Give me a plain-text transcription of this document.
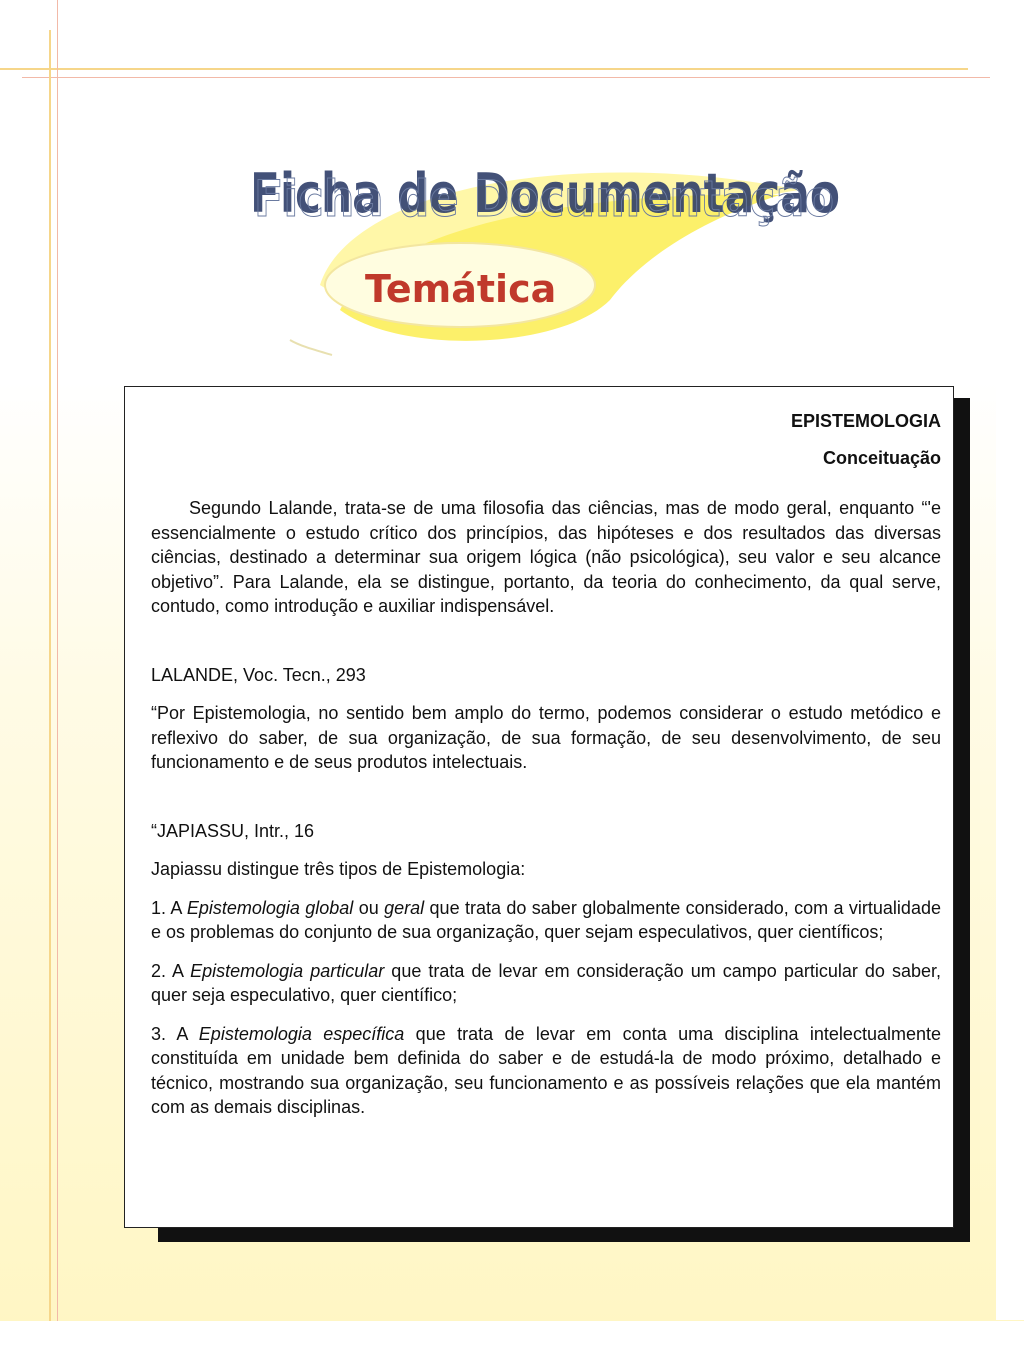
Ficha de Documentação
Ficha de Documentação
Temática
EPISTEMOLOGIA
Conceituação

Segundo Lalande, trata-se de uma filosofia das ciências, mas de modo geral, enquanto “'e essencialmente o estudo crítico dos princípios, das hipóteses e dos resultados das diversas ciências, destinado a determinar sua origem lógica (não psicológica), seu valor e seu alcance objetivo”. Para Lalande, ela se distingue, portanto, da teoria do conhecimento, da qual serve, contudo, como introdução e auxiliar indispensável.

LALANDE, Voc. Tecn., 293

“Por Epistemologia, no sentido bem amplo do termo, podemos considerar o estudo metódico e reflexivo do saber, de sua organização, de sua formação, de seu desenvolvimento, de seu funcionamento e de seus produtos intelectuais.

“JAPIASSU, Intr., 16

Japiassu distingue três tipos de Epistemologia:

1. A Epistemologia global ou geral que trata do saber globalmente considerado, com a virtualidade e os problemas do conjunto de sua organização, quer sejam especulativos, quer científicos;

2. A Epistemologia particular que trata de levar em consideração um campo particular do saber, quer seja especulativo, quer científico;

3. A Epistemologia específica que trata de levar em conta uma disciplina intelectualmente constituída em unidade bem definida do saber e de estudá-la de modo próximo, detalhado e técnico, mostrando sua organização, seu funcionamento e as possíveis relações que ela mantém com as demais disciplinas.
